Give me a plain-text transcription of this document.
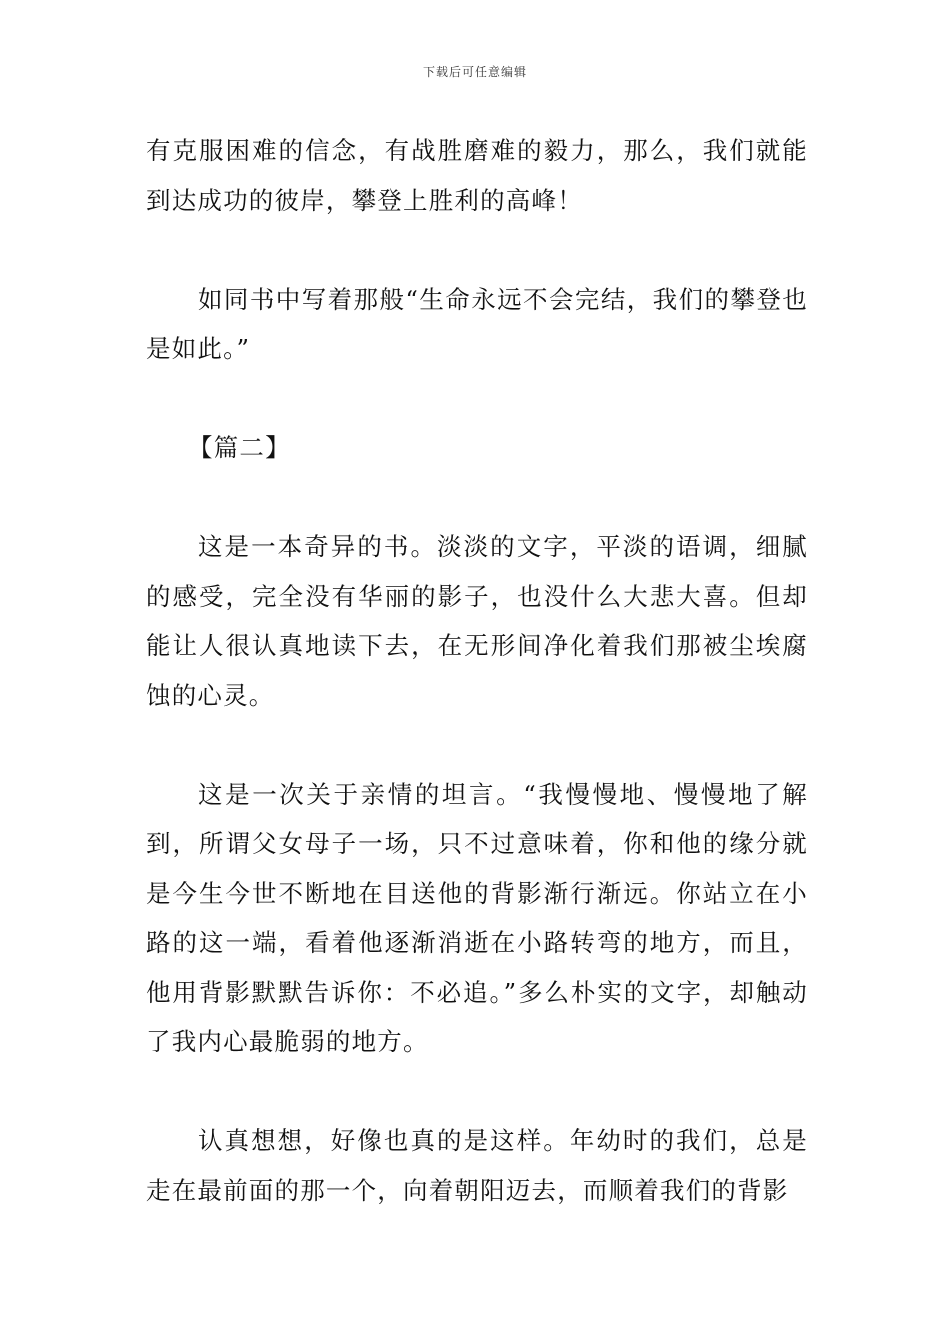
下载后可任意编辑

有克服困难的信念，有战胜磨难的毅力，那么，我们就能到达成功的彼岸，攀登上胜利的高峰！

如同书中写着那般“生命永远不会完结，我们的攀登也是如此。”

【篇二】

这是一本奇异的书。淡淡的文字，平淡的语调，细腻的感受，完全没有华丽的影子，也没什么大悲大喜。但却能让人很认真地读下去，在无形间净化着我们那被尘埃腐蚀的心灵。

这是一次关于亲情的坦言。“我慢慢地、慢慢地了解到，所谓父女母子一场，只不过意味着，你和他的缘分就是今生今世不断地在目送他的背影渐行渐远。你站立在小路的这一端，看着他逐渐消逝在小路转弯的地方，而且，他用背影默默告诉你：不必追。”多么朴实的文字，却触动了我内心最脆弱的地方。

认真想想，好像也真的是这样。年幼时的我们，总是走在最前面的那一个，向着朝阳迈去，而顺着我们的背影
